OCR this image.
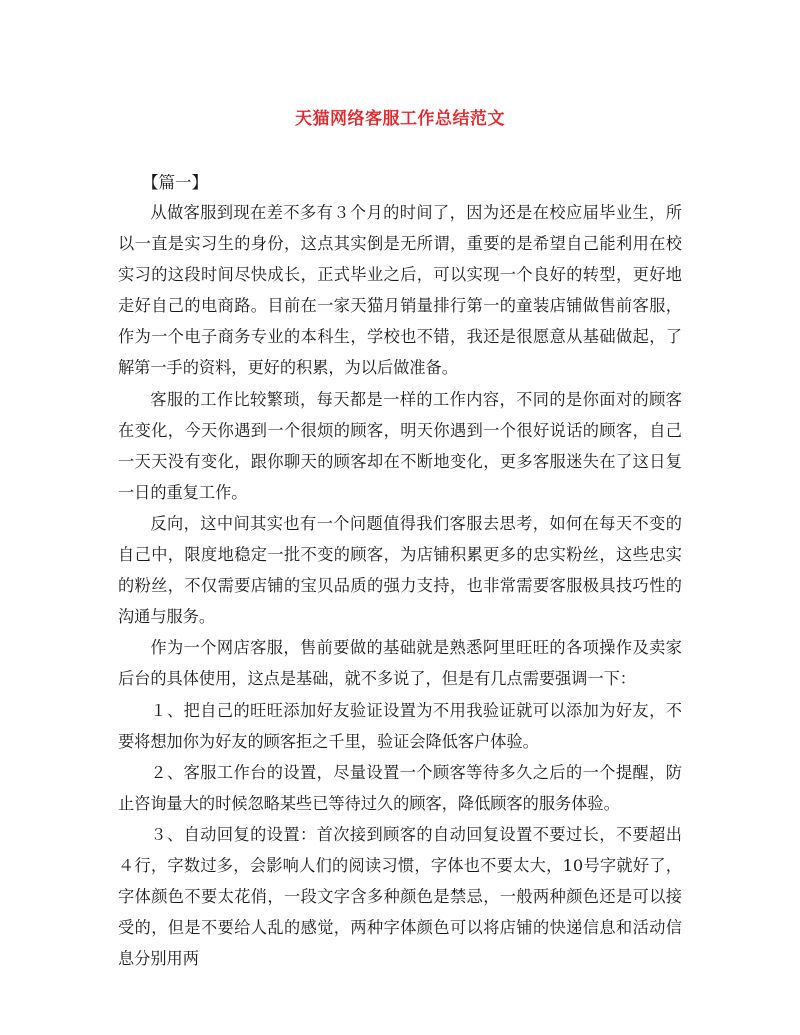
天猫网络客服工作总结范文
【篇一】

从做客服到现在差不多有３个月的时间了，因为还是在校应届毕业生，所以一直是实习生的身份，这点其实倒是无所谓，重要的是希望自己能利用在校实习的这段时间尽快成长，正式毕业之后，可以实现一个良好的转型，更好地走好自己的电商路。目前在一家天猫月销量排行第一的童装店铺做售前客服，作为一个电子商务专业的本科生，学校也不错，我还是很愿意从基础做起，了解第一手的资料，更好的积累，为以后做准备。

客服的工作比较繁琐，每天都是一样的工作内容，不同的是你面对的顾客在变化，今天你遇到一个很烦的顾客，明天你遇到一个很好说话的顾客，自己一天天没有变化，跟你聊天的顾客却在不断地变化，更多客服迷失在了这日复一日的重复工作。

反向，这中间其实也有一个问题值得我们客服去思考，如何在每天不变的自己中，限度地稳定一批不变的顾客，为店铺积累更多的忠实粉丝，这些忠实的粉丝，不仅需要店铺的宝贝品质的强力支持，也非常需要客服极具技巧性的沟通与服务。

作为一个网店客服，售前要做的基础就是熟悉阿里旺旺的各项操作及卖家后台的具体使用，这点是基础，就不多说了，但是有几点需要强调一下：

１、把自己的旺旺添加好友验证设置为不用我验证就可以添加为好友，不要将想加你为好友的顾客拒之千里，验证会降低客户体验。

２、客服工作台的设置，尽量设置一个顾客等待多久之后的一个提醒，防止咨询量大的时候忽略某些已等待过久的顾客，降低顾客的服务体验。

３、自动回复的设置：首次接到顾客的自动回复设置不要过长，不要超出４行，字数过多，会影响人们的阅读习惯，字体也不要太大，10号字就好了，字体颜色不要太花俏，一段文字含多种颜色是禁忌，一般两种颜色还是可以接受的，但是不要给人乱的感觉，两种字体颜色可以将店铺的快递信息和活动信息分别用两
